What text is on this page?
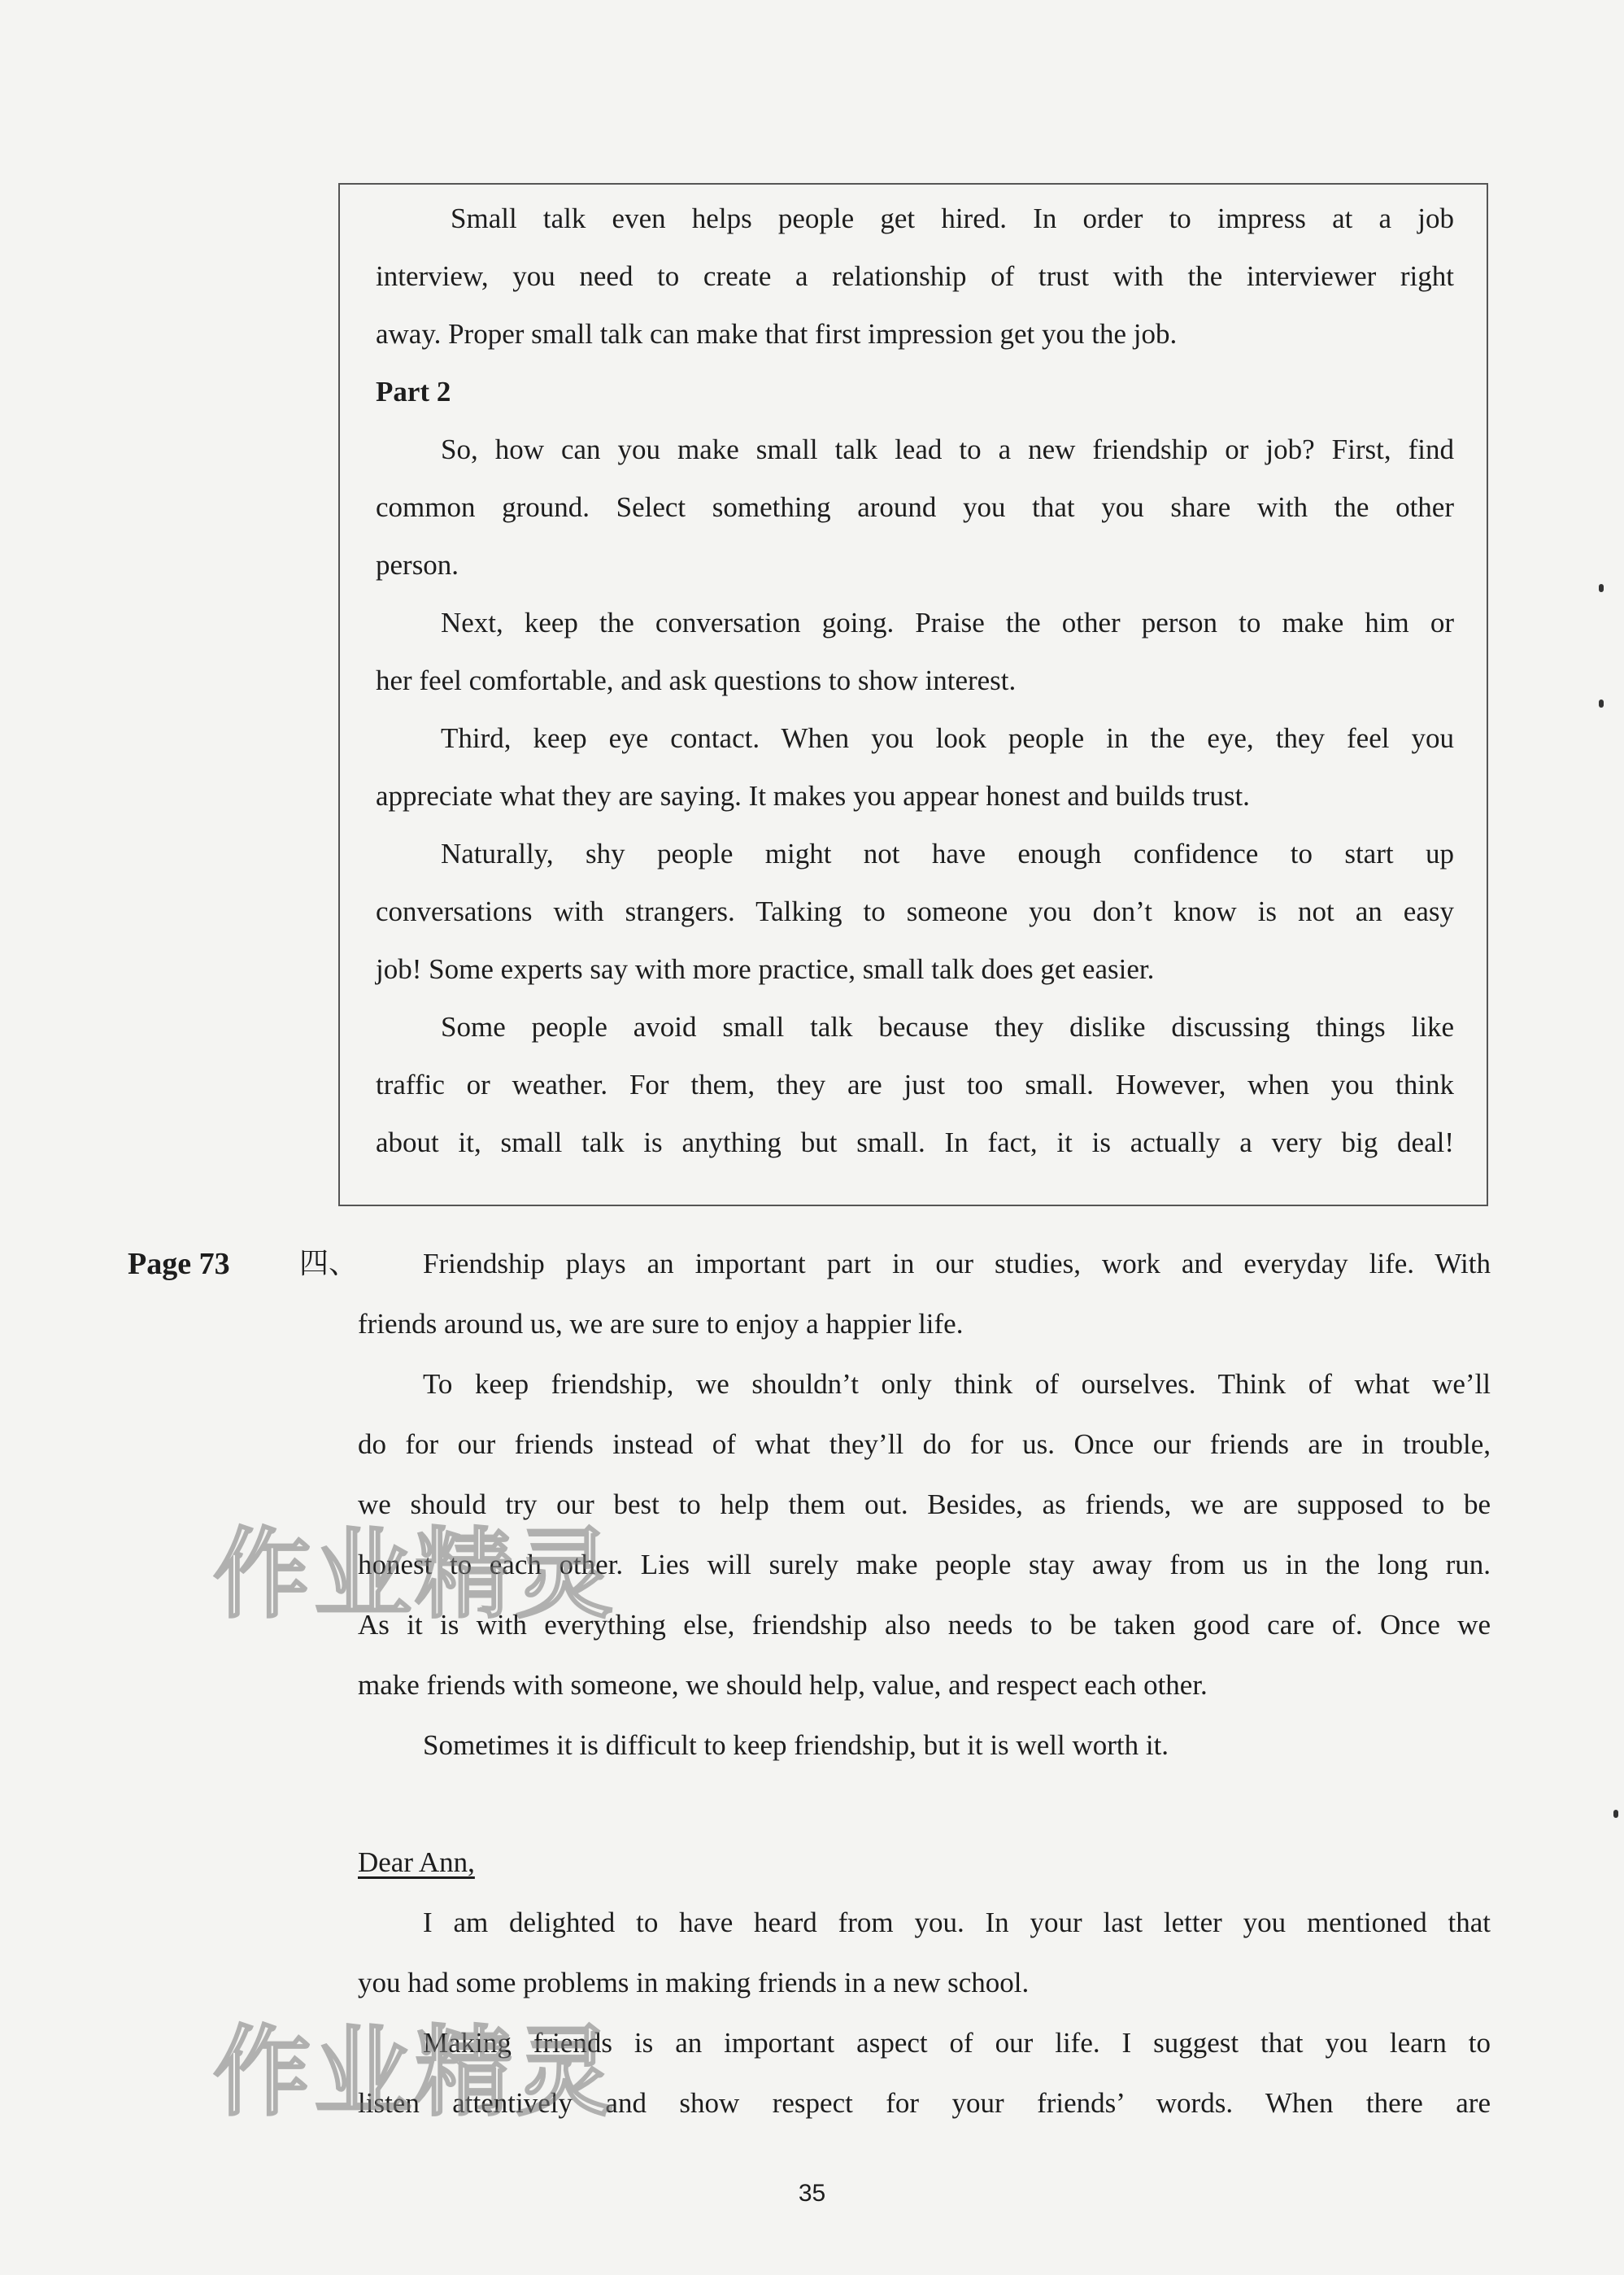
Small talk even helps people get hired. In order to impress at a job
interview, you need to create a relationship of trust with the interviewer right
away. Proper small talk can make that first impression get you the job.
Part 2
So, how can you make small talk lead to a new friendship or job? First, find
common ground. Select something around you that you share with the other
person.
Next, keep the conversation going. Praise the other person to make him or
her feel comfortable, and ask questions to show interest.
Third, keep eye contact. When you look people in the eye, they feel you
appreciate what they are saying. It makes you appear honest and builds trust.
Naturally, shy people might not have enough confidence to start up
conversations with strangers. Talking to someone you don’t know is not an easy
job! Some experts say with more practice, small talk does get easier.
Some people avoid small talk because they dislike discussing things like
traffic or weather. For them, they are just too small. However, when you think
about it, small talk is anything but small. In fact, it is actually a very big deal!
Page 73 四、 Friendship plays an important part in our studies, work and everyday life. With
friends around us, we are sure to enjoy a happier life.
To keep friendship, we shouldn’t only think of ourselves. Think of what we’ll
do for our friends instead of what they’ll do for us. Once our friends are in trouble,
we should try our best to help them out. Besides, as friends, we are supposed to be
honest to each other. Lies will surely make people stay away from us in the long run.
As it is with everything else, friendship also needs to be taken good care of. Once we
make friends with someone, we should help, value, and respect each other.
Sometimes it is difficult to keep friendship, but it is well worth it.
Dear Ann,
I am delighted to have heard from you. In your last letter you mentioned that
you had some problems in making friends in a new school.
Making friends is an important aspect of our life. I suggest that you learn to
listen attentively and show respect for your friends’ words. When there are
作业精灵
作业精灵
35
